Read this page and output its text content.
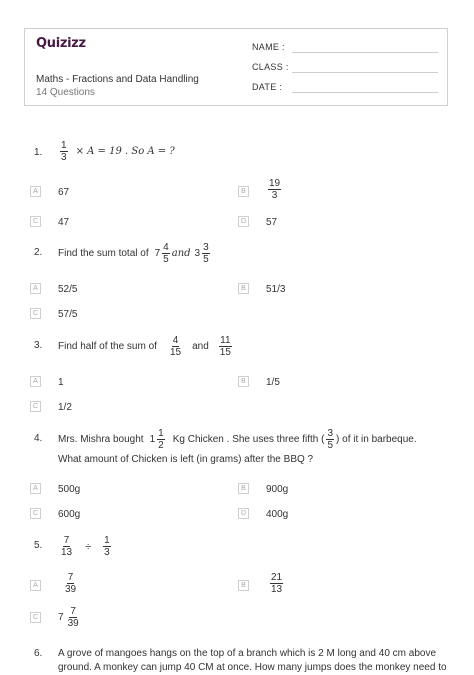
Quizizz
Maths - Fractions and Data Handling
14 Questions
NAME :
CLASS :
DATE :
1. $\frac{1}{3} \times A = 19$ . So A = ?
A	67	B	$\frac{19}{3}$
C 47	D 57
2. Find the sum total of $7 \frac{4}{5}$ and $3 \frac{3}{5}$
A	52/5	B	51/3
C 57/5
3. Find half of the sum of $\frac{4}{15}$ and $\frac{11}{15}$
A	1	B	1/5
C 1/2
4. Mrs. Mishra bought $1 \frac{1}{2}$ Kg Chicken . She uses three fifth ( $\frac{3}{5}$ ) of it in barbeque.
What amount of Chicken is left (in grams) after the BBQ ?
A	500g	B	900g
C 600g	D 400g
5. $\frac{7}{13} \div \frac{1}{3}$
A	$\frac{7}{39}$	B	$\frac{21}{13}$
C $7 \frac{7}{39}$
6. A grove of mangoes hangs on the top of a branch which is 2 M long and 40 cm above
ground. A monkey can jump 40 CM at once. How many jumps does the monkey need to
